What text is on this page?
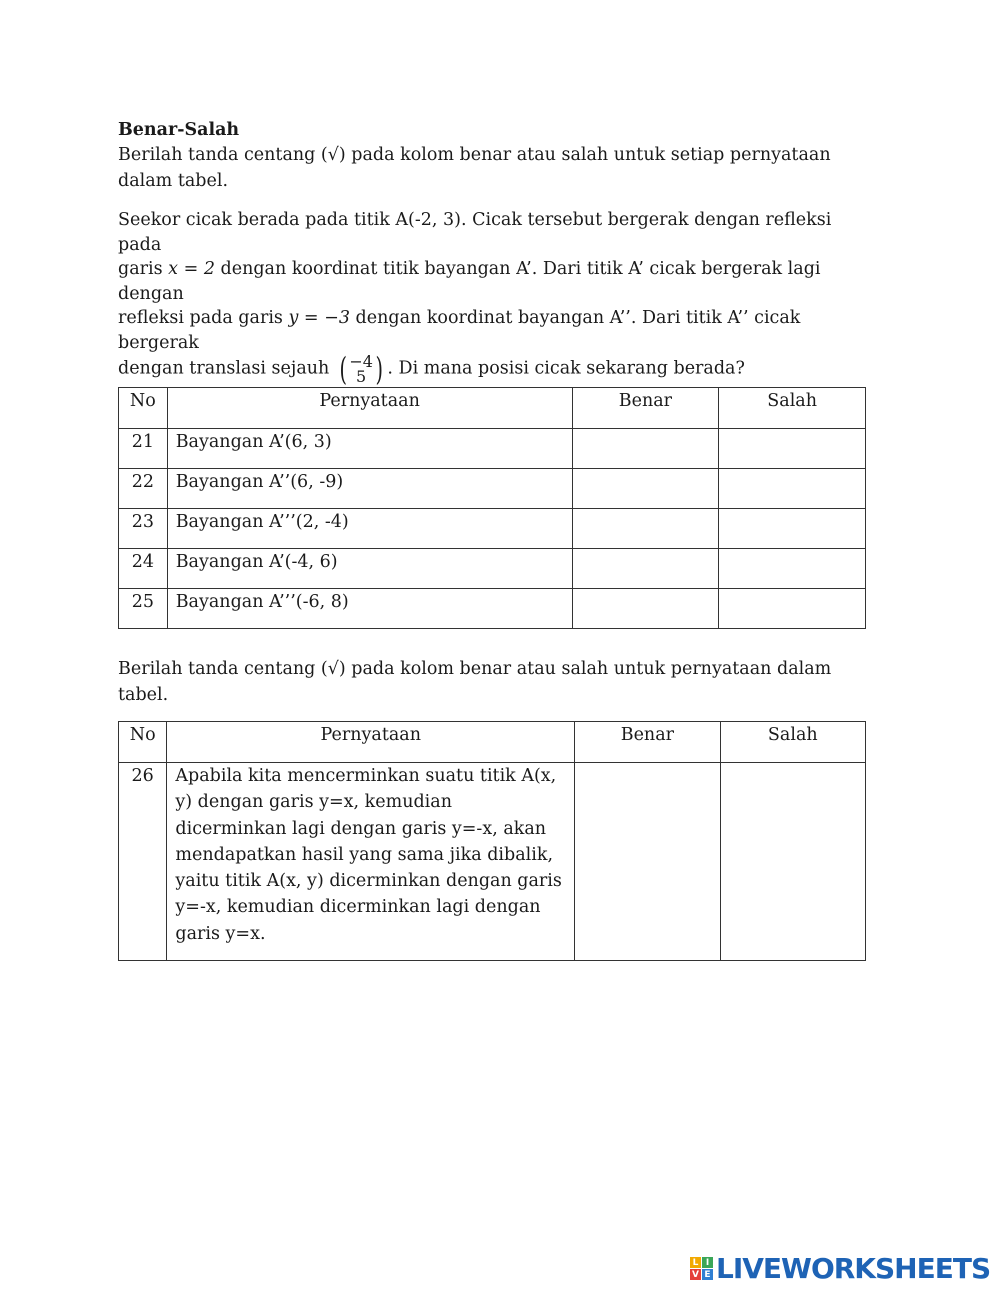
Benar-Salah

Berilah tanda centang (√) pada kolom benar atau salah untuk setiap pernyataan dalam tabel.

Seekor cicak berada pada titik A(-2, 3). Cicak tersebut bergerak dengan refleksi pada
garis x = 2 dengan koordinat titik bayangan A’. Dari titik A’ cicak bergerak lagi dengan
refleksi pada garis y = −3 dengan koordinat bayangan A’’. Dari titik A’’ cicak bergerak
dengan translasi sejauh ( −4
5 ) . Di mana posisi cicak sekarang berada?
No	Pernyataan	Benar	Salah
21	Bayangan A’(6, 3)		
22	Bayangan A’’(6, -9)		
23	Bayangan A’’’(2, -4)		
24	Bayangan A’(-4, 6)		
25	Bayangan A’’’(-6, 8)		

Berilah tanda centang (√) pada kolom benar atau salah untuk pernyataan dalam tabel.

No	Pernyataan	Benar	Salah
26	Apabila kita mencerminkan suatu titik A(x, y) dengan garis y=x, kemudian dicerminkan lagi dengan garis y=-x, akan mendapatkan hasil yang sama jika dibalik, yaitu titik A(x, y) dicerminkan dengan garis y=-x, kemudian dicerminkan lagi dengan garis y=x.		
L I
V E LIVEWORKSHEETS
